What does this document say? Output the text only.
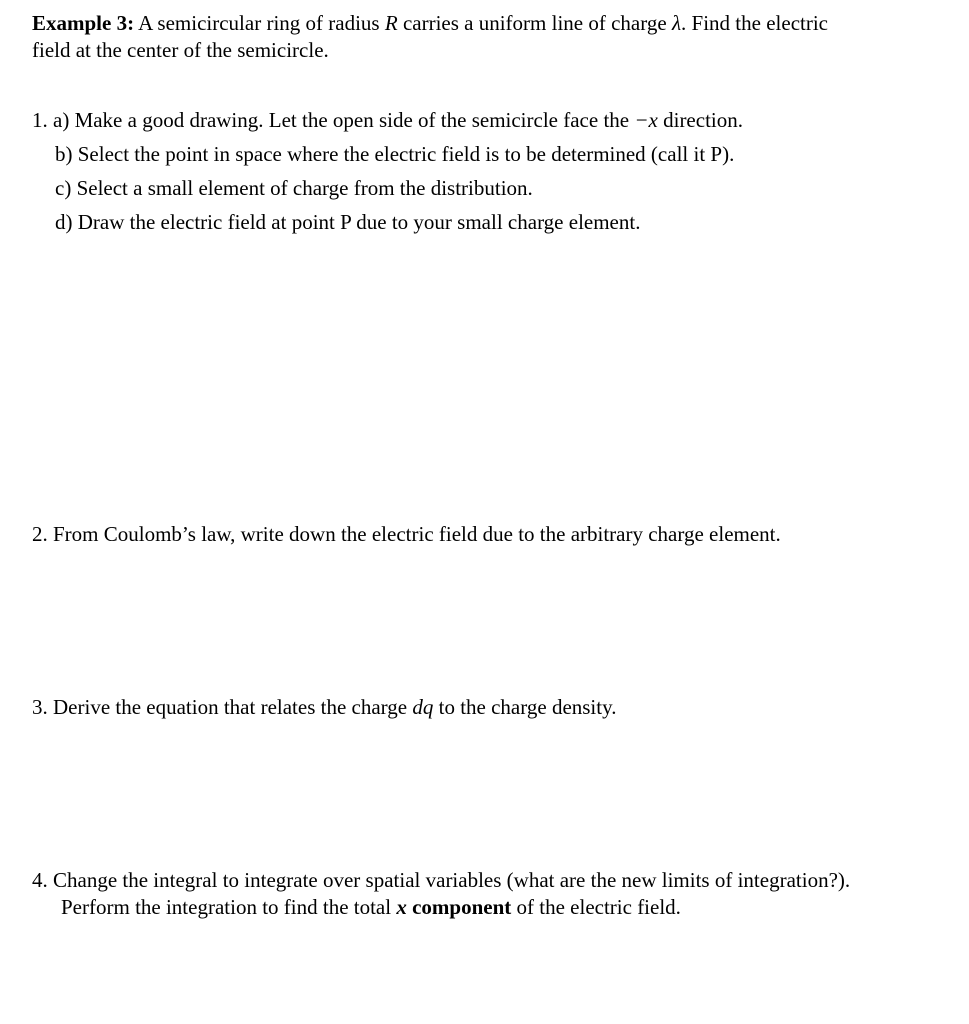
Example 3: A semicircular ring of radius R carries a uniform line of charge λ. Find the electric
field at the center of the semicircle.
1. a) Make a good drawing. Let the open side of the semicircle face the −x direction.
b) Select the point in space where the electric field is to be determined (call it P).
c) Select a small element of charge from the distribution.
d) Draw the electric field at point P due to your small charge element.
2. From Coulomb’s law, write down the electric field due to the arbitrary charge element.
3. Derive the equation that relates the charge dq to the charge density.
4. Change the integral to integrate over spatial variables (what are the new limits of integration?).
Perform the integration to find the total x component of the electric field.
